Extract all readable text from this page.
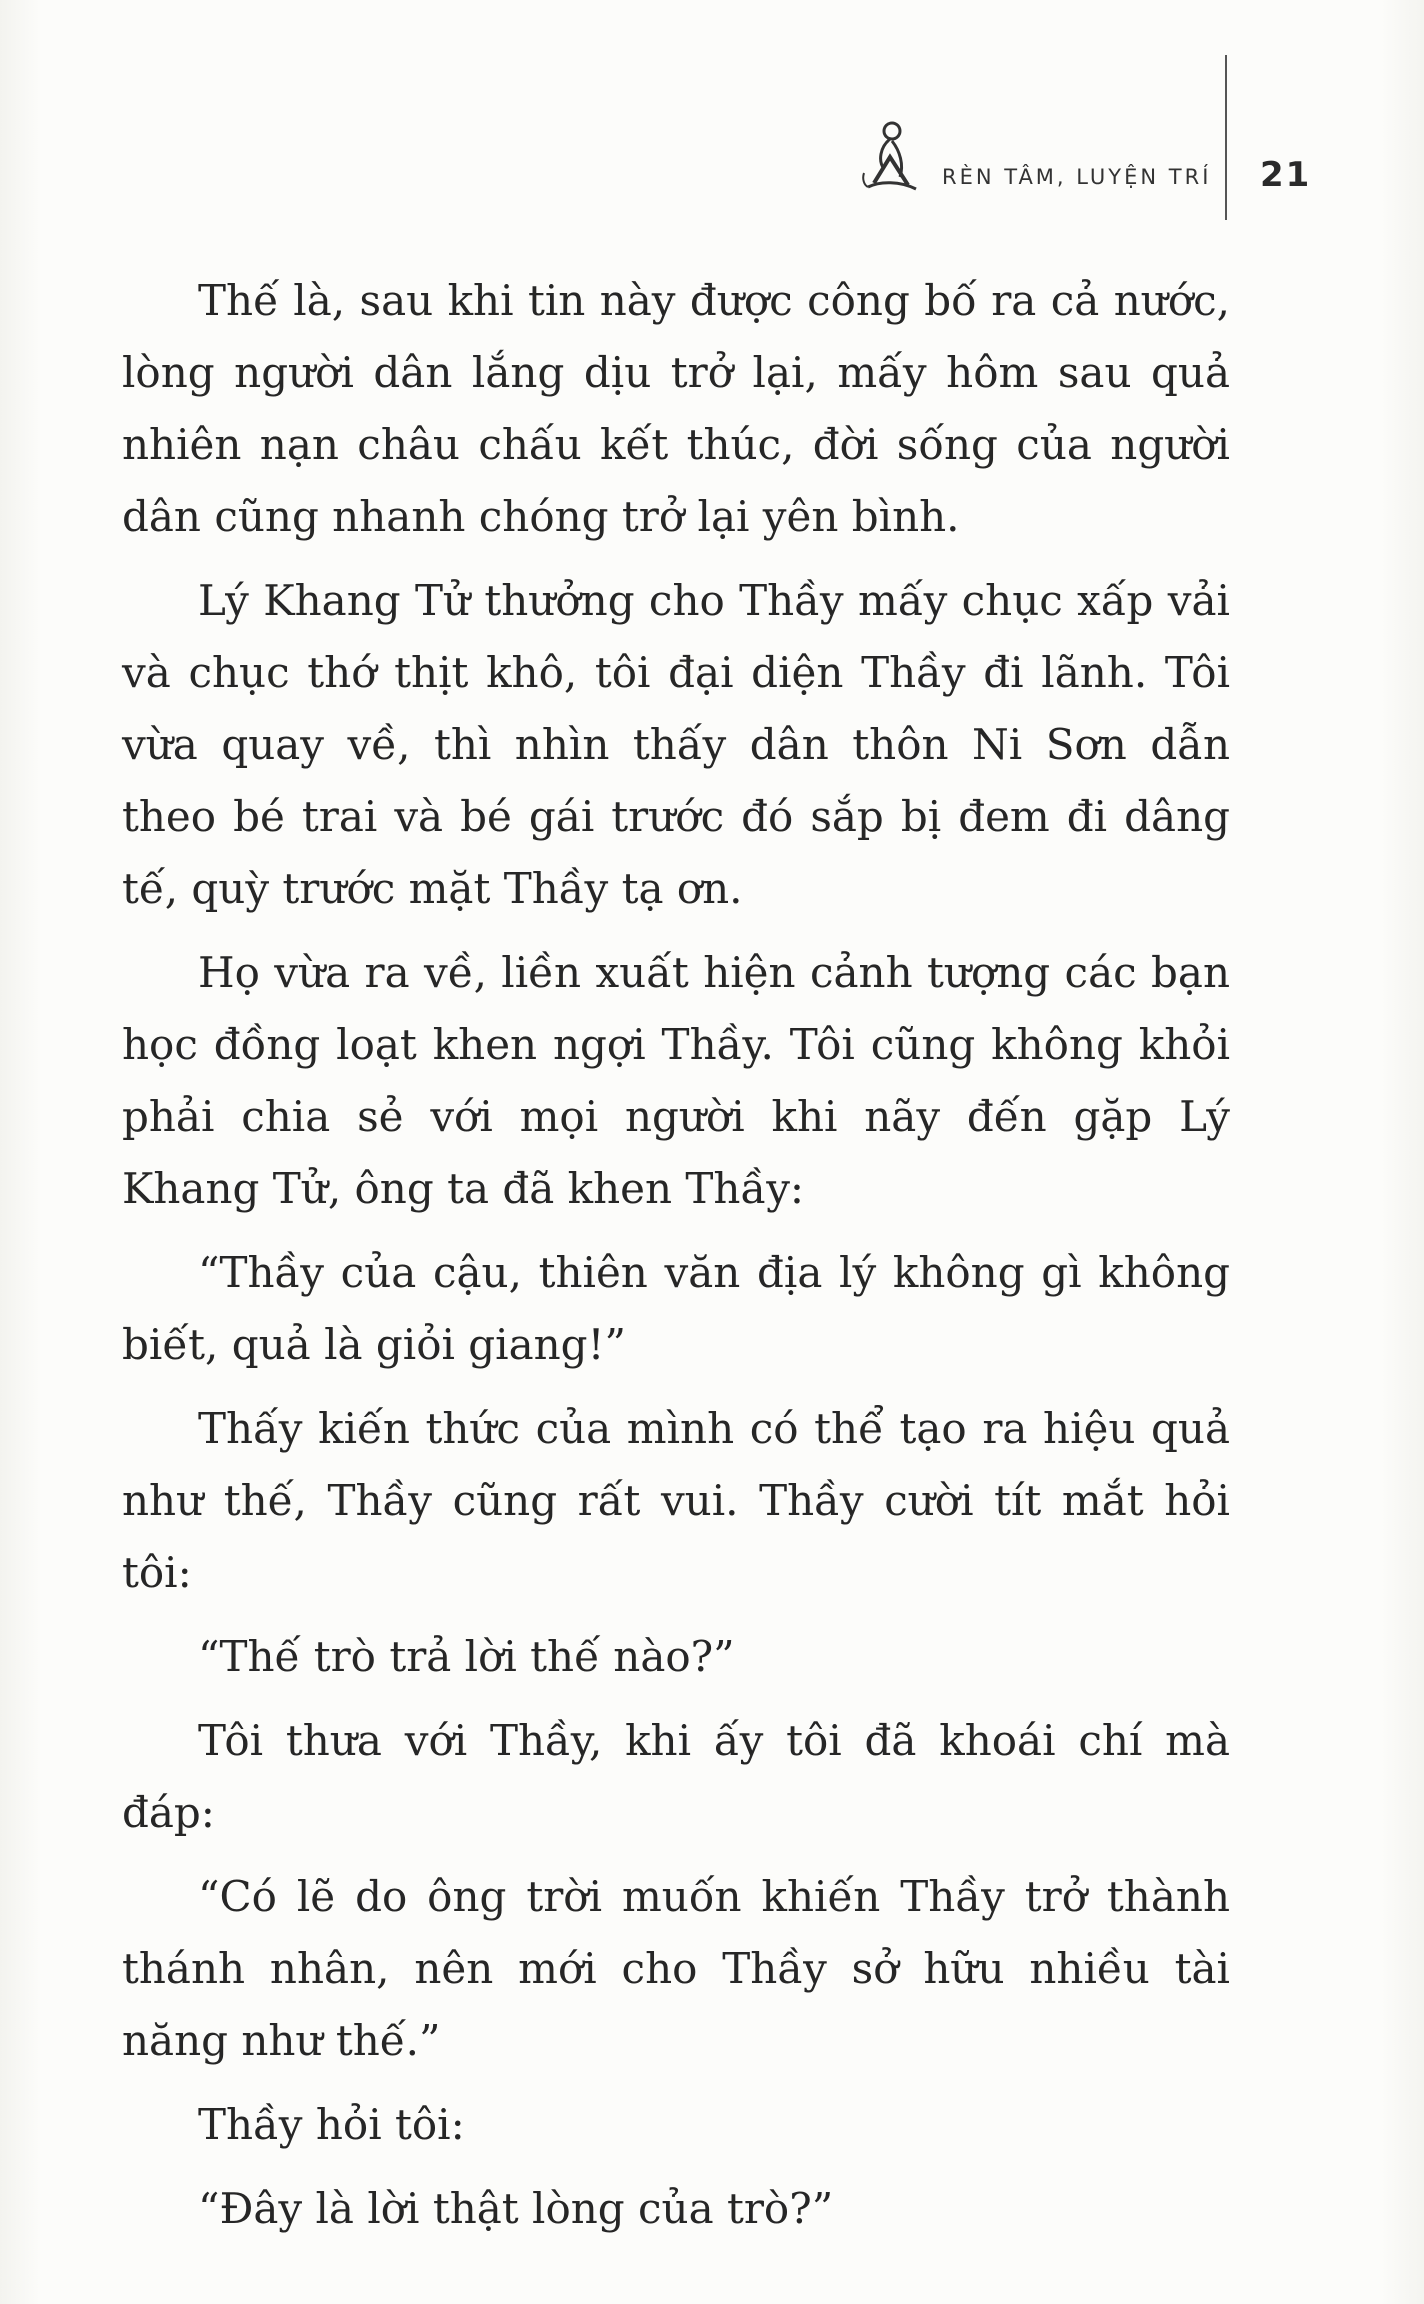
RÈN TÂM, LUYỆN TRÍ 21

Thế là, sau khi tin này được công bố ra cả nước, lòng người dân lắng dịu trở lại, mấy hôm sau quả nhiên nạn châu chấu kết thúc, đời sống của người dân cũng nhanh chóng trở lại yên bình.

Lý Khang Tử thưởng cho Thầy mấy chục xấp vải và chục thớ thịt khô, tôi đại diện Thầy đi lãnh. Tôi vừa quay về, thì nhìn thấy dân thôn Ni Sơn dẫn theo bé trai và bé gái trước đó sắp bị đem đi dâng tế, quỳ trước mặt Thầy tạ ơn.

Họ vừa ra về, liền xuất hiện cảnh tượng các bạn học đồng loạt khen ngợi Thầy. Tôi cũng không khỏi phải chia sẻ với mọi người khi nãy đến gặp Lý Khang Tử, ông ta đã khen Thầy:

“Thầy của cậu, thiên văn địa lý không gì không biết, quả là giỏi giang!”

Thấy kiến thức của mình có thể tạo ra hiệu quả như thế, Thầy cũng rất vui. Thầy cười tít mắt hỏi tôi:

“Thế trò trả lời thế nào?”

Tôi thưa với Thầy, khi ấy tôi đã khoái chí mà đáp:

“Có lẽ do ông trời muốn khiến Thầy trở thành thánh nhân, nên mới cho Thầy sở hữu nhiều tài năng như thế.”

Thầy hỏi tôi:

“Đây là lời thật lòng của trò?”
